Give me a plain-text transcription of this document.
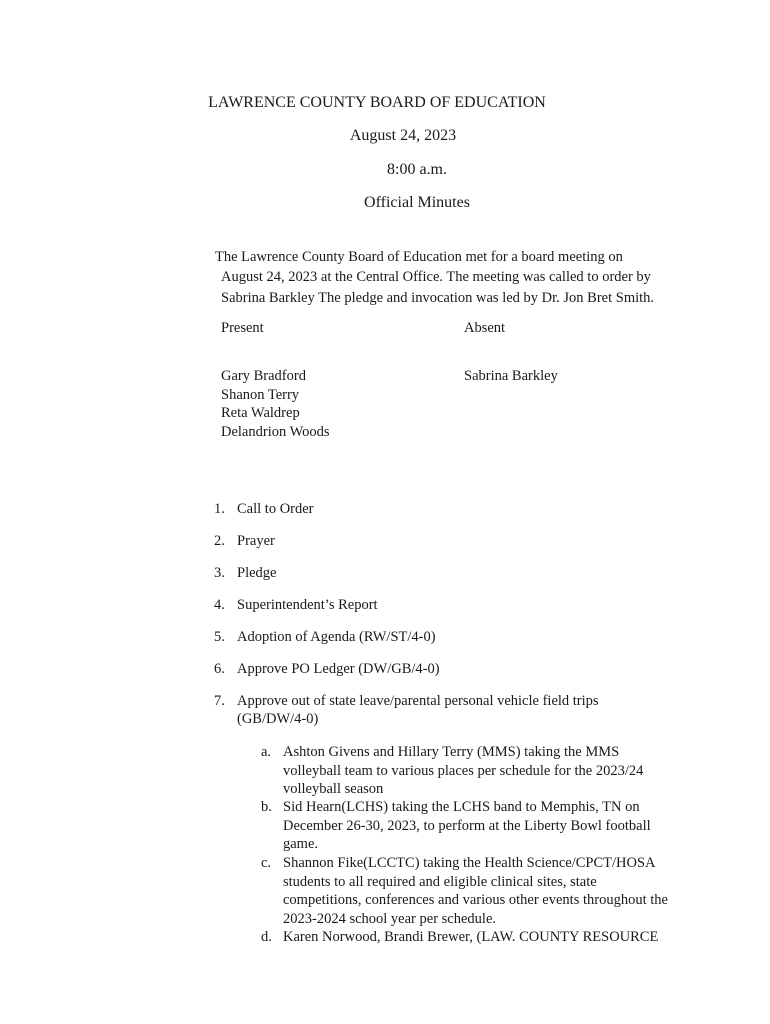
LAWRENCE COUNTY BOARD OF EDUCATION
August 24, 2023
8:00 a.m.
Official Minutes
The Lawrence County Board of Education met for a board meeting on
August 24, 2023 at the Central Office. The meeting was called to order by
Sabrina Barkley The pledge and invocation was led by Dr. Jon Bret Smith.
Present	Absent
Gary Bradford
Shanon Terry
Reta Waldrep
Delandrion Woods
Sabrina Barkley
1. Call to Order
2. Prayer
3. Pledge
4. Superintendent’s Report
5. Adoption of Agenda (RW/ST/4-0)
6. Approve PO Ledger (DW/GB/4-0)
7. Approve out of state leave/parental personal vehicle field trips
(GB/DW/4-0)
a. Ashton Givens and Hillary Terry (MMS) taking the MMS volleyball team to various places per schedule for the 2023/24 volleyball season
b. Sid Hearn(LCHS) taking the LCHS band to Memphis, TN on December 26-30, 2023, to perform at the Liberty Bowl football game.
c. Shannon Fike(LCCTC) taking the Health Science/CPCT/HOSA students to all required and eligible clinical sites, state competitions, conferences and various other events throughout the 2023-2024 school year per schedule.
d. Karen Norwood, Brandi Brewer, (LAW. COUNTY RESOURCE
